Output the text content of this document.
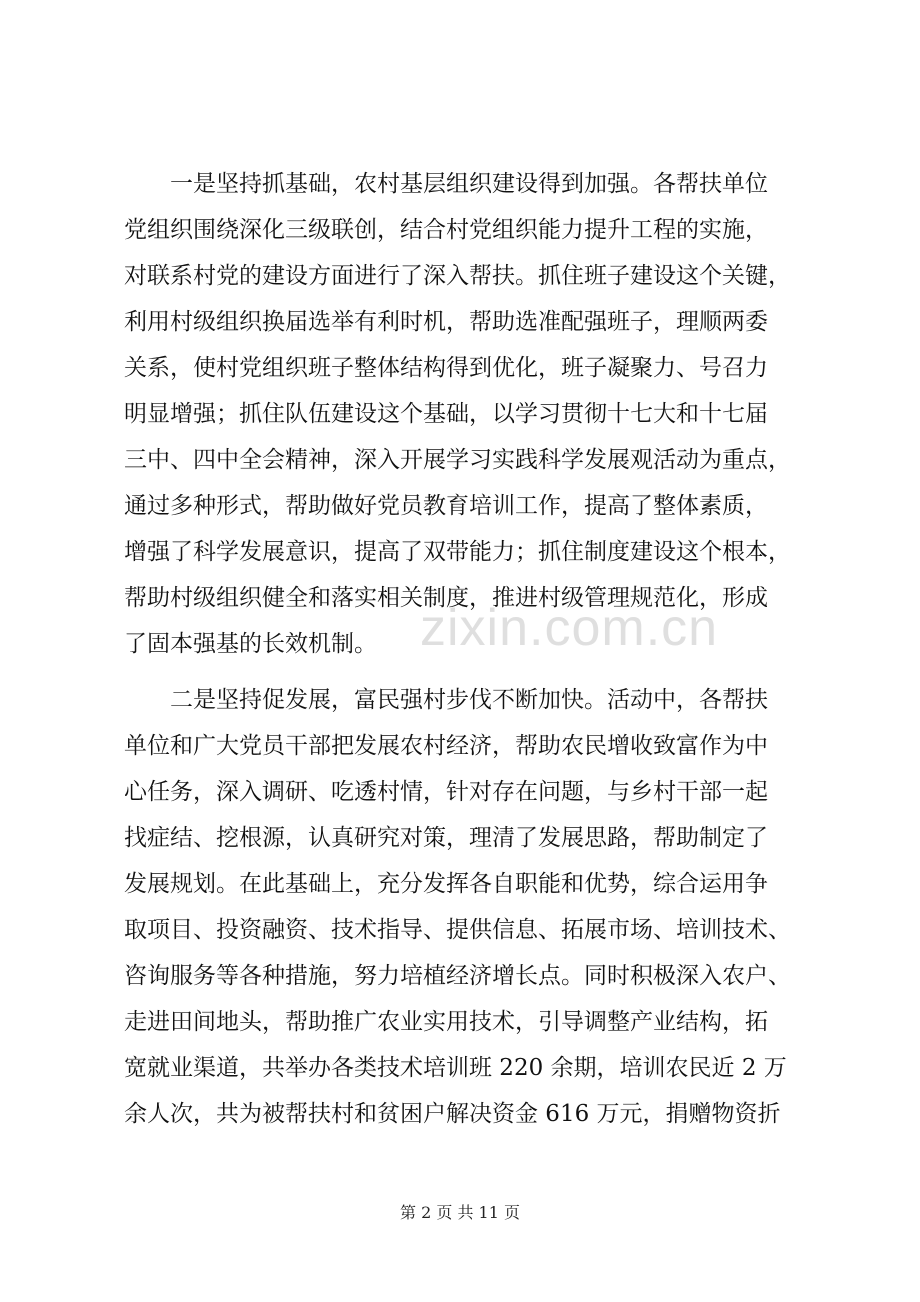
一是坚持抓基础，农村基层组织建设得到加强。各帮扶单位
党组织围绕深化三级联创，结合村党组织能力提升工程的实施，
对联系村党的建设方面进行了深入帮扶。抓住班子建设这个关键，
利用村级组织换届选举有利时机，帮助选准配强班子，理顺两委
关系，使村党组织班子整体结构得到优化，班子凝聚力、号召力
明显增强；抓住队伍建设这个基础，以学习贯彻十七大和十七届
三中、四中全会精神，深入开展学习实践科学发展观活动为重点，
通过多种形式，帮助做好党员教育培训工作，提高了整体素质，
增强了科学发展意识，提高了双带能力；抓住制度建设这个根本，
帮助村级组织健全和落实相关制度，推进村级管理规范化，形成
了固本强基的长效机制。
二是坚持促发展，富民强村步伐不断加快。活动中，各帮扶
单位和广大党员干部把发展农村经济，帮助农民增收致富作为中
心任务，深入调研、吃透村情，针对存在问题，与乡村干部一起
找症结、挖根源，认真研究对策，理清了发展思路，帮助制定了
发展规划。在此基础上，充分发挥各自职能和优势，综合运用争
取项目、投资融资、技术指导、提供信息、拓展市场、培训技术、
咨询服务等各种措施，努力培植经济增长点。同时积极深入农户、
走进田间地头，帮助推广农业实用技术，引导调整产业结构，拓
宽就业渠道，共举办各类技术培训班 220 余期，培训农民近 2 万
余人次，共为被帮扶村和贫困户解决资金 616 万元，捐赠物资折
zixin.com.cn
第 2 页 共 11 页
